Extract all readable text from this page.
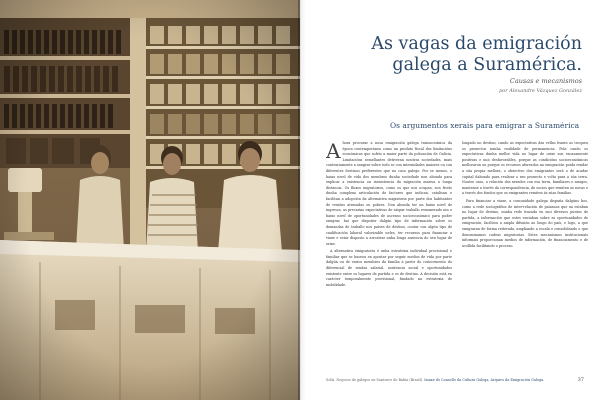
As vagas da emigración
galega a Suramérica.

Causas e mecanismos

por Alexandre Vázquez González

Os argumentos xerais para emigrar a Suramérica
A hora procurar a nosa emigración galega transoceánica da época contemporánea como un produto fiscal dos limitacións económicas que sofriu a maior parte da poboación de Galicia. Limitacións semellantes detiveran noutras sociedades, mais contrariamente a sangrar sobre todo se con intensidades maiores ou con diferentes destinos preferentes que no caso galego. Por se menos, o baixo nivel de vida dos membros dunha sociedade non abonda para explicar a existencia ou inexistencia da migración masiva a longa distancia. Os fluxos migratorios, como os que nos ocupan, son froito dunha complexa articulación de factores que indican, catalisan e facilitan a adopción da alternativa migratoria por parte dos habitantes de rexións atrasadas ou pobres. Non abonda ter un baixo nivel de ingresos, as precarias expectativas de atopar traballo remunerado nin o baixo nivel de oportunidades de ascenso socioeconómico para poder emigrar, hai que dispoñer dalgún tipo de información sobre os demandas de traballo nos países de destino, contar con algún tipo de cualificación laboral valorizable neles, ter recursos para financiar a viaxe e estar disposto a arrostrar unha longa ausencia do seu lugar de orixe.

A alternativa emigratoria é unha estratexia individual provisional e familiar que se baseou en apostar por seguir medios de vida por parte dalgún ou de varios membros da familia a partir do coñecemento do diferencial de rendas salarial, asistencia social e oportunidades existente entre os lugares de partida e os de destino. A decisión está en carácter temporalmente provisional, fundado na estratexia de mobilidade.

longado no destino, cando as expectativas das vellas fraxes as troqueu os proxectos nunha realidade de permanencia. Pola cando os expectativas dunha mellor vida no lugar de orixe son escasamente positivas e moi desfavorables, porque as condicións socioeconómicas melloraron ou porque os recursos aforrados na emigración poida rendar a súa propia mellora, o obxectivo dos emigrantes será o de acadar capital dabondo para realizar o seu proxecto e volta para a súa terra. Noutro caso, a relación dos xerados con esa terra, familiares e amigos, mantense a través da correspondencia, de socios que remiten as novas e a través dos fondos que os emigrantes remiten ás súas familias.

Para financiar a viaxe, a comunidade galega dispuña dalgúns bos, como a rede sociográfica de inter-relación de paisanos que xa estaban no lugar de destino, nunha rede trazada en moi diversos puntos de partida, a información que estes enviaban sobre as oportunidades de emigración, facilitou a ampla difusión ao longo do país, e logo, a que emigraran de forma reiterada, ampliando a escala e consolidando o que denominamos cadeas migratorias. Estes mecanismos institucionais informais proporcionan medios de información, de financiamento e de acollida facilitando o proceso.

Solís. Negocio de galegos en Santurce de Bahía (Brasil). Imaxe do Consello da Cultura Galega, Arquivo da Emigración Galega.	37
